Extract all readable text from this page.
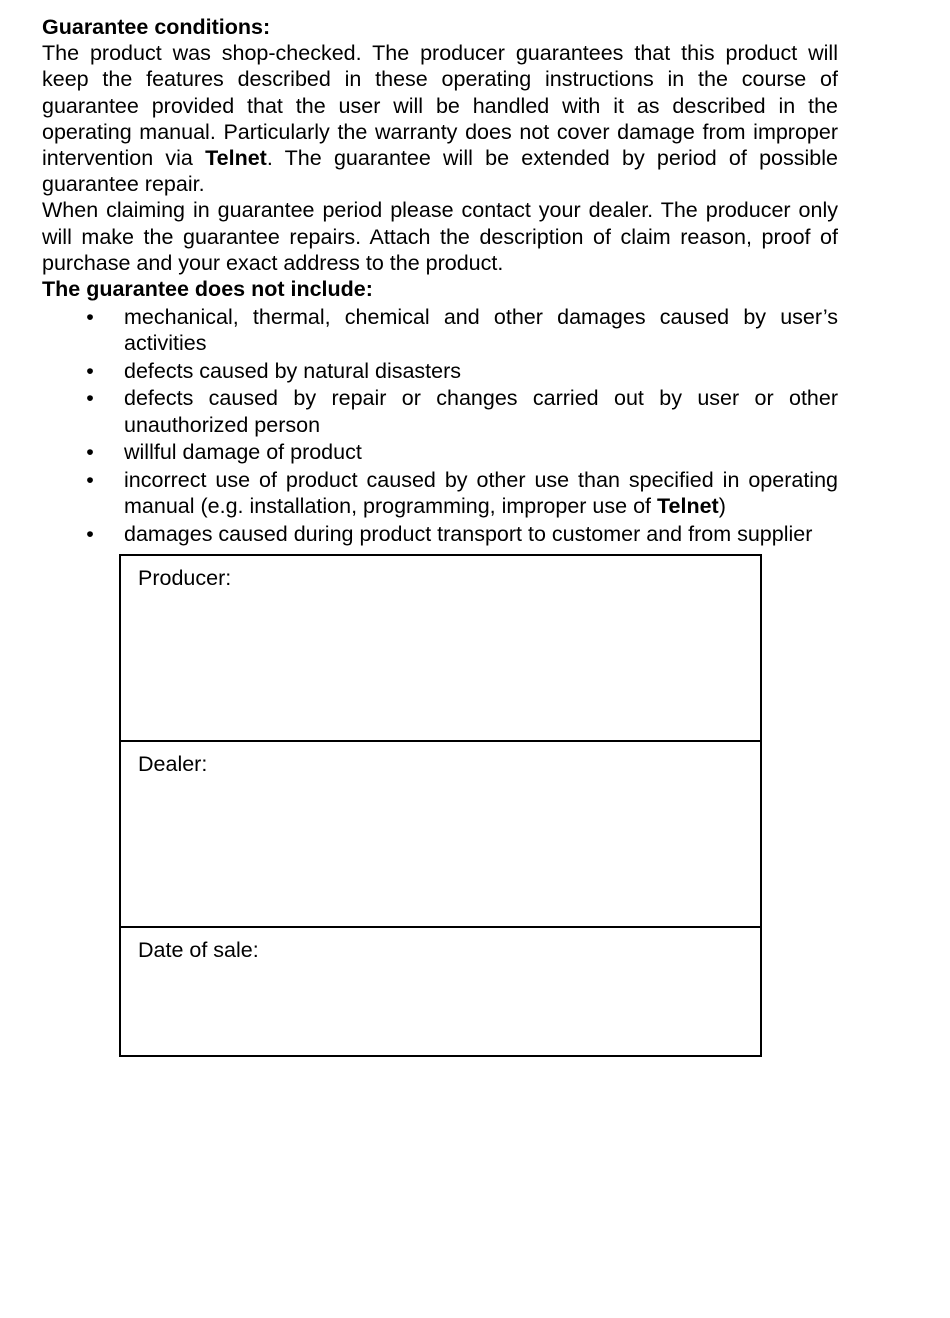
Guarantee conditions:

The product was shop-checked. The producer guarantees that this product will keep the features described in these operating instructions in the course of guarantee provided that the user will be handled with it as described in the operating manual. Particularly the warranty does not cover damage from improper intervention via Telnet. The guarantee will be extended by period of possible guarantee repair.

When claiming in guarantee period please contact your dealer. The producer only will make the guarantee repairs. Attach the description of claim reason, proof of purchase and your exact address to the product.

The guarantee does not include:

• mechanical, thermal, chemical and other damages caused by user’s activities
• defects caused by natural disasters
• defects caused by repair or changes carried out by user or other unauthorized person
• willful damage of product
• incorrect use of product caused by other use than specified in operating manual (e.g. installation, programming, improper use of Telnet)
• damages caused during product transport to customer and from supplier
Producer:
Dealer:
Date of sale:
